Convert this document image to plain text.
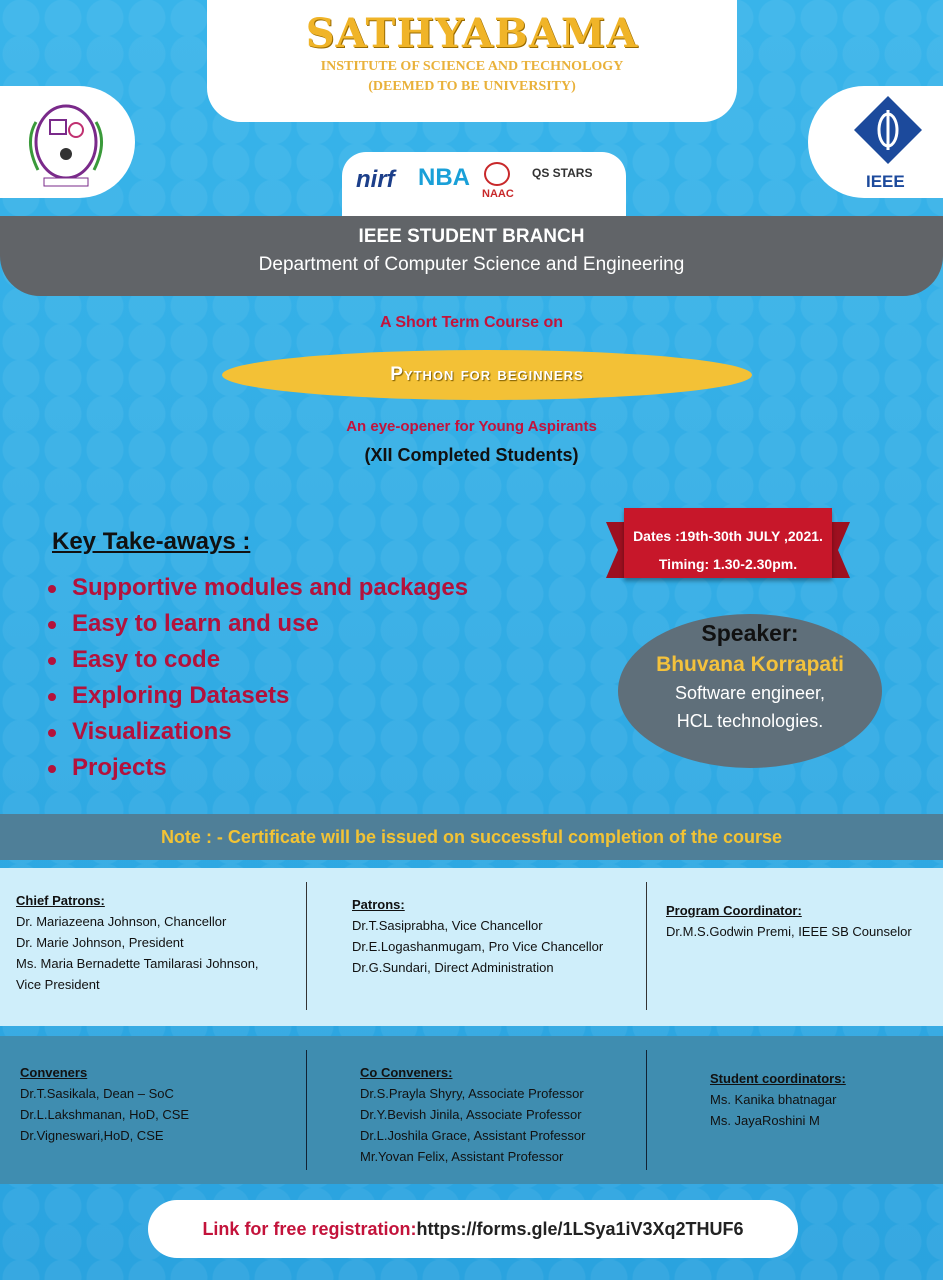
SATHYABAMA
INSTITUTE OF SCIENCE AND TECHNOLOGY
(DEEMED TO BE UNIVERSITY)
IEEE
nirf NBA
NAAC
QS STARS
IEEE STUDENT BRANCH
Department of Computer Science and Engineering
A Short Term Course on
Python for beginners
An eye-opener for Young Aspirants
(XII Completed Students)
Key Take-aways :
Supportive modules and packages
Easy to learn and use
Easy to code
Exploring Datasets
Visualizations
Projects
Dates :19th-30th JULY ,2021.
Timing: 1.30-2.30pm.
Speaker:
Bhuvana Korrapati
Software engineer,
HCL technologies.
Note : - Certificate will be issued on successful completion of the course
Chief Patrons:
Dr. Mariazeena Johnson, Chancellor
Dr. Marie Johnson, President
Ms. Maria Bernadette Tamilarasi Johnson,
Vice President
Patrons:
Dr.T.Sasiprabha, Vice Chancellor
Dr.E.Logashanmugam, Pro Vice Chancellor
Dr.G.Sundari, Direct Administration
Program Coordinator:
Dr.M.S.Godwin Premi, IEEE SB Counselor
Conveners
Dr.T.Sasikala, Dean – SoC
Dr.L.Lakshmanan, HoD, CSE
Dr.Vigneswari,HoD, CSE
Co Conveners:
Dr.S.Prayla Shyry, Associate Professor
Dr.Y.Bevish Jinila, Associate Professor
Dr.L.Joshila Grace, Assistant Professor
Mr.Yovan Felix, Assistant Professor
Student coordinators:
Ms. Kanika bhatnagar
Ms. JayaRoshini M
Link for free registration:https://forms.gle/1LSya1iV3Xq2THUF6
